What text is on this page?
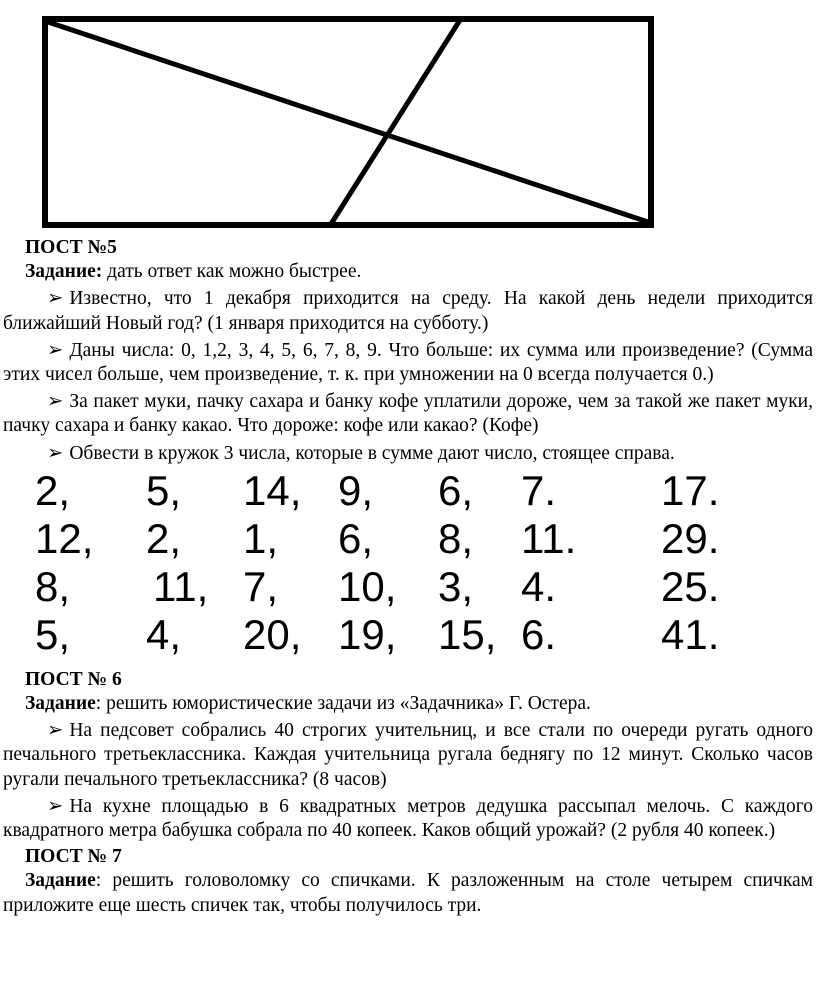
ПОСТ №5

Задание: дать ответ как можно быстрее.

➢ Известно, что 1 декабря приходится на среду. На какой день недели приходится ближайший Новый год? (1 января приходится на субботу.)

➢ Даны числа: 0, 1,2, 3, 4, 5, 6, 7, 8, 9. Что больше: их сумма или произведение? (Сумма этих чисел больше, чем произведение, т. к. при умножении на 0 всегда получается 0.)

➢ За пакет муки, пачку сахара и банку кофе уплатили дороже, чем за такой же пакет муки, пачку сахара и банку какао. Что дороже: кофе или какао? (Кофе)

➢ Обвести в кружок 3 числа, которые в сумме дают число, стоящее справа.

2, 5, 14, 9, 6, 7. 17.
12, 2, 1, 6, 8, 11. 29.
8, 11, 7, 10, 3, 4. 25.
5, 4, 20, 19, 15, 6. 41.

ПОСТ № 6

Задание: решить юмористические задачи из «Задачника» Г. Остера.

➢ На педсовет собрались 40 строгих учительниц, и все стали по очереди ругать одного печального третьеклассника. Каждая учительница ругала беднягу по 12 минут. Сколько часов ругали печального третьеклассника? (8 часов)

➢ На кухне площадью в 6 квадратных метров дедушка рассыпал мелочь. С каждого квадратного метра бабушка собрала по 40 копеек. Каков общий урожай? (2 рубля 40 копеек.)

ПОСТ № 7

Задание: решить головоломку со спичками. К разложенным на столе четырем спичкам приложите еще шесть спичек так, чтобы получилось три.
